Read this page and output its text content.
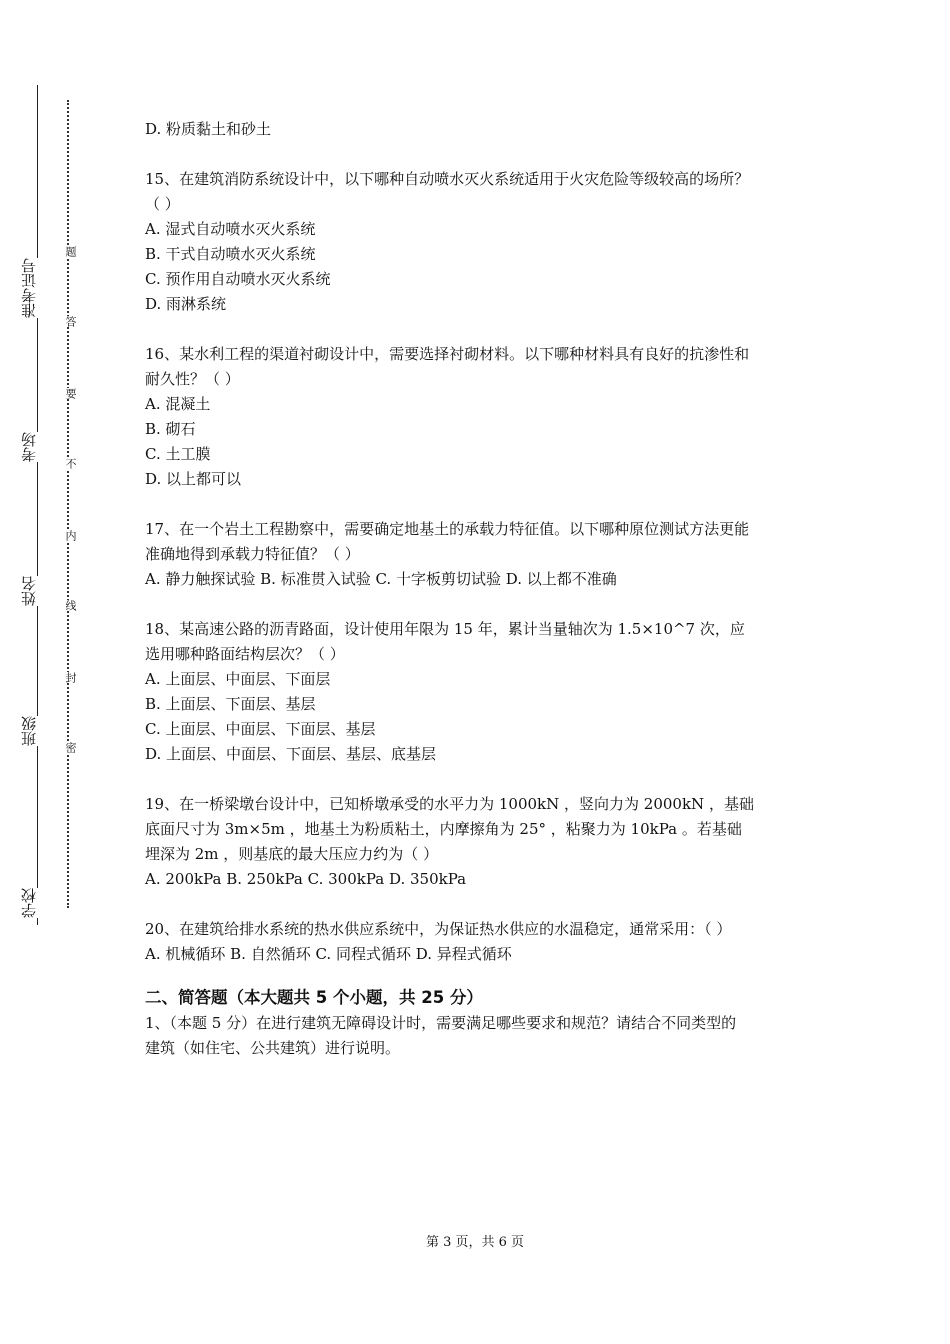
准考证号
考场
姓名
班级
学校
题
答
要
不
内
线
封
密
D. 粉质黏土和砂土
15、在建筑消防系统设计中，以下哪种自动喷水灭火系统适用于火灾危险等级较高的场所？
（ ）
A. 湿式自动喷水灭火系统
B. 干式自动喷水灭火系统
C. 预作用自动喷水灭火系统
D. 雨淋系统
16、某水利工程的渠道衬砌设计中，需要选择衬砌材料。以下哪种材料具有良好的抗渗性和
耐久性？（ ）
A. 混凝土
B. 砌石
C. 土工膜
D. 以上都可以
17、在一个岩土工程勘察中，需要确定地基土的承载力特征值。以下哪种原位测试方法更能
准确地得到承载力特征值？（ ）
A. 静力触探试验 B. 标准贯入试验 C. 十字板剪切试验 D. 以上都不准确
18、某高速公路的沥青路面，设计使用年限为 15 年，累计当量轴次为 1.5×10^7 次，应
选用哪种路面结构层次？（ ）
A. 上面层、中面层、下面层
B. 上面层、下面层、基层
C. 上面层、中面层、下面层、基层
D. 上面层、中面层、下面层、基层、底基层
19、在一桥梁墩台设计中，已知桥墩承受的水平力为 1000kN ，竖向力为 2000kN ，基础
底面尺寸为 3m×5m ，地基土为粉质粘土，内摩擦角为 25° ，粘聚力为 10kPa 。若基础
埋深为 2m ，则基底的最大压应力约为（ ）
A. 200kPa B. 250kPa C. 300kPa D. 350kPa
20、在建筑给排水系统的热水供应系统中，为保证热水供应的水温稳定，通常采用：（ ）
A. 机械循环 B. 自然循环 C. 同程式循环 D. 异程式循环
二、简答题（本大题共 5 个小题，共 25 分）
1、（本题 5 分）在进行建筑无障碍设计时，需要满足哪些要求和规范？请结合不同类型的
建筑（如住宅、公共建筑）进行说明。
第 3 页，共 6 页
